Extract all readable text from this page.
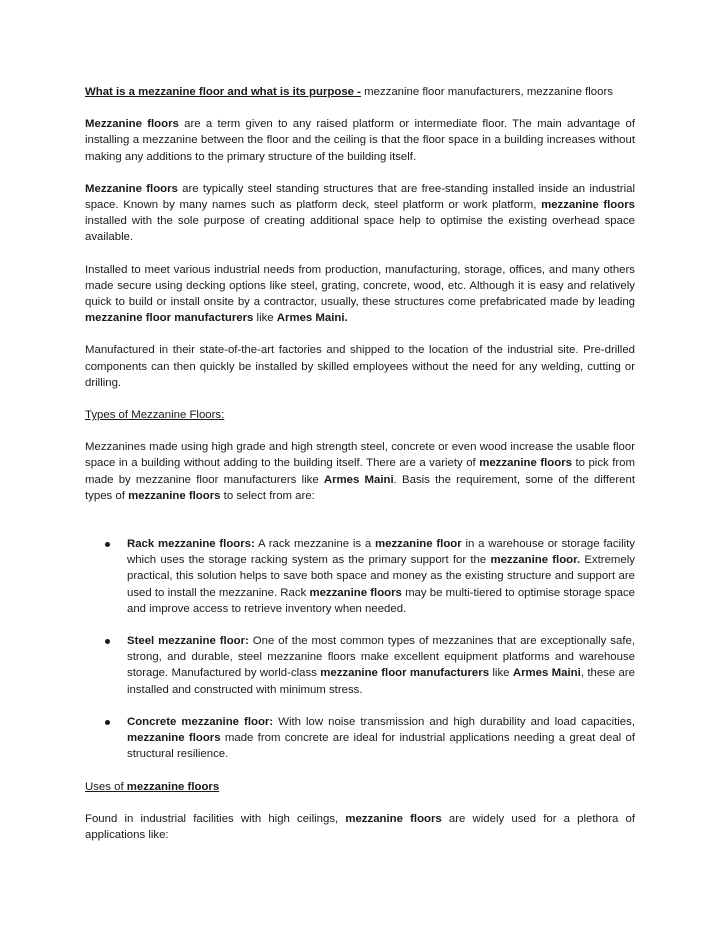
What is a mezzanine floor and what is its purpose - mezzanine floor manufacturers, mezzanine floors

Mezzanine floors are a term given to any raised platform or intermediate floor. The main advantage of installing a mezzanine between the floor and the ceiling is that the floor space in a building increases without making any additions to the primary structure of the building itself.

Mezzanine floors are typically steel standing structures that are free-standing installed inside an industrial space. Known by many names such as platform deck, steel platform or work platform, mezzanine floors installed with the sole purpose of creating additional space help to optimise the existing overhead space available.

Installed to meet various industrial needs from production, manufacturing, storage, offices, and many others made secure using decking options like steel, grating, concrete, wood, etc. Although it is easy and relatively quick to build or install onsite by a contractor, usually, these structures come prefabricated made by leading mezzanine floor manufacturers like Armes Maini.

Manufactured in their state-of-the-art factories and shipped to the location of the industrial site. Pre-drilled components can then quickly be installed by skilled employees without the need for any welding, cutting or drilling.

Types of Mezzanine Floors:

Mezzanines made using high grade and high strength steel, concrete or even wood increase the usable floor space in a building without adding to the building itself. There are a variety of mezzanine floors to pick from made by mezzanine floor manufacturers like Armes Maini. Basis the requirement, some of the different types of mezzanine floors to select from are:

Rack mezzanine floors: A rack mezzanine is a mezzanine floor in a warehouse or storage facility which uses the storage racking system as the primary support for the mezzanine floor. Extremely practical, this solution helps to save both space and money as the existing structure and support are used to install the mezzanine. Rack mezzanine floors may be multi-tiered to optimise storage space and improve access to retrieve inventory when needed.
Steel mezzanine floor: One of the most common types of mezzanines that are exceptionally safe, strong, and durable, steel mezzanine floors make excellent equipment platforms and warehouse storage. Manufactured by world-class mezzanine floor manufacturers like Armes Maini, these are installed and constructed with minimum stress.
Concrete mezzanine floor: With low noise transmission and high durability and load capacities, mezzanine floors made from concrete are ideal for industrial applications needing a great deal of structural resilience.

Uses of mezzanine floors

Found in industrial facilities with high ceilings, mezzanine floors are widely used for a plethora of applications like:
